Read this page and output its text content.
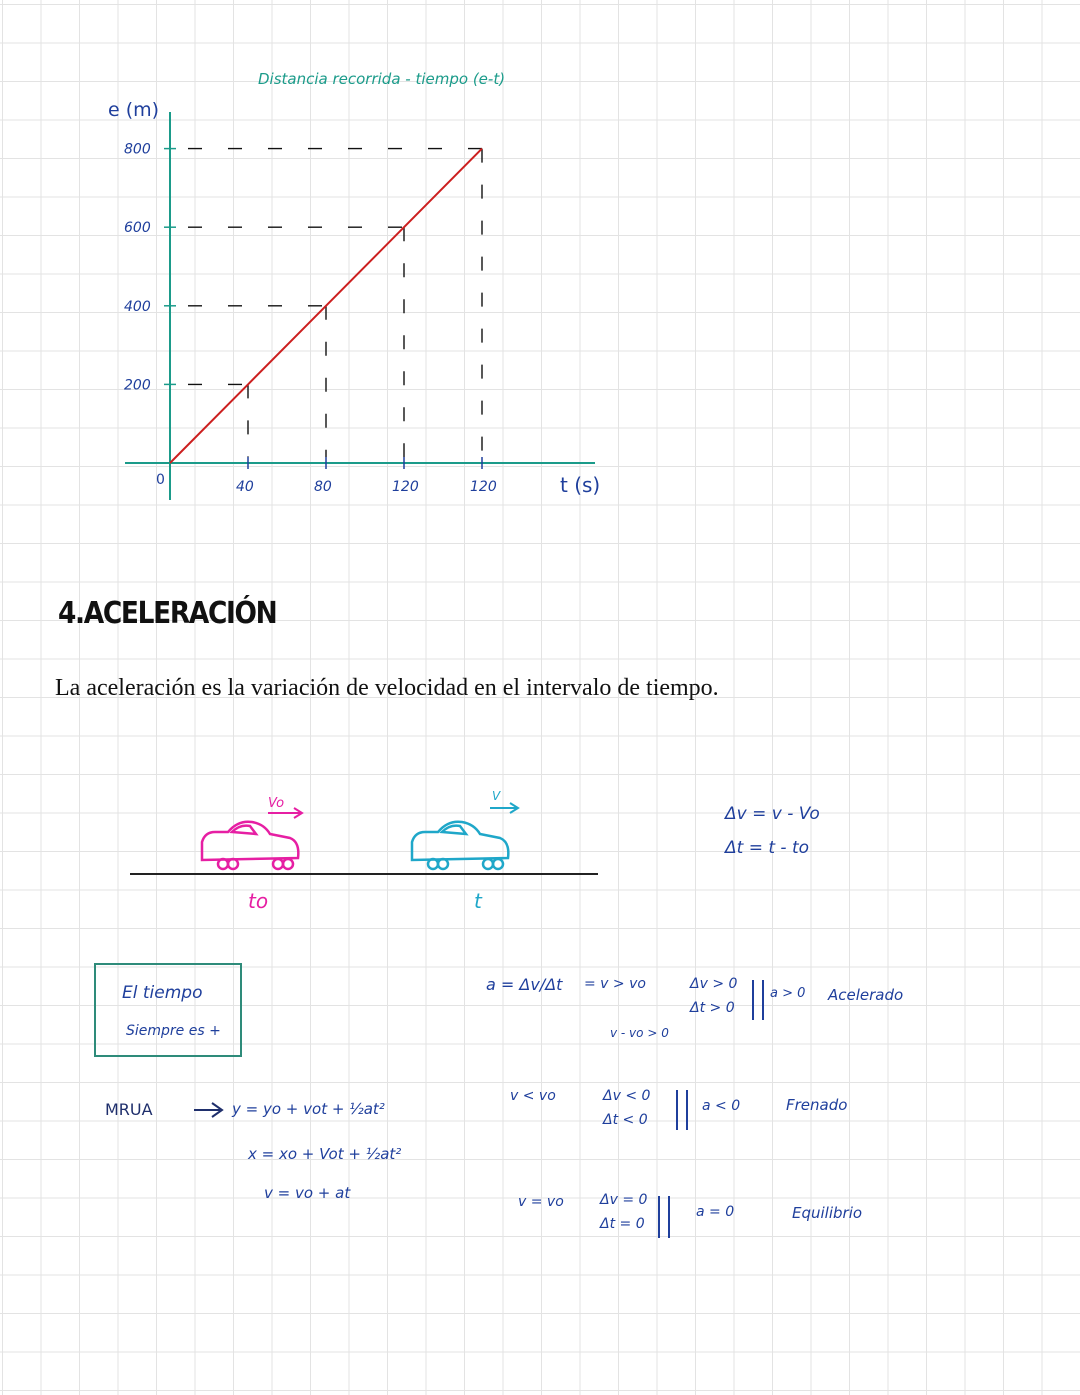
Distancia recorrida - tiempo (e-t)
e (m)
t (s)
0
200
400
600
800
40	80	120	120
4.ACELERACIÓN

La aceleración es la variación de velocidad en el intervalo de tiempo.

Vo
to
V
t
Δv = v - Vo
Δt = t - to
El tiempo
Siempre es +
MRUA	y = yo + vot + ½at²
x = xo + Vot + ½at²
v = vo + at
a = Δv/Δt = v > vo
v - vo > 0
Δv > 0
Δt > 0
a > 0 Acelerado
v < vo	Δv < 0
Δt < 0
a < 0	Frenado
v = vo	Δv = 0
Δt = 0
a = 0	Equilibrio
